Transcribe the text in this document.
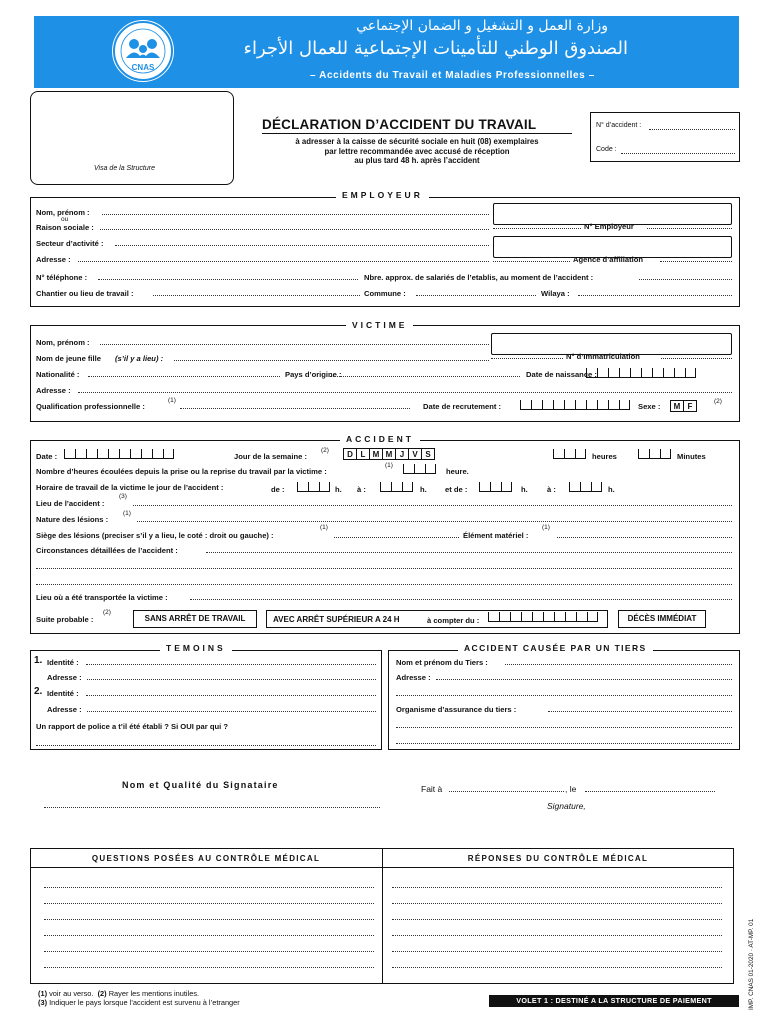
CNAS
وزارة العمل و التشغيل و الضمان الإجتماعي
الصندوق الوطني للتأمينات الإجتماعية للعمال الأجراء
– Accidents du Travail et Maladies Professionnelles –
Visa de la Structure
DÉCLARATION D’ACCIDENT DU TRAVAIL
à adresser à la caisse de sécurité sociale en huit (08) exemplaires
par lettre recommandée avec accusé de réception
au plus tard 48 h. après l’accident
N° d’accident :
Code :
EMPLOYEUR
Nom, prénom :
ou
Raison sociale :
Secteur d’activité :
Adresse :
N° Employeur
Agence d’affiliation
N° téléphone :	Nbre. approx. de salariés de l’etablis, au moment de l’accident :
Chantier ou lieu de travail :	Commune :	Wilaya :
VICTIME
Nom, prénom :
Nom de jeune fille (s’il y a lieu) :	N° d’Immatriculation
Nationalité :	Pays d’origine :	Date de naissance :
Adresse :
Qualification professionnelle :
(1)
Date de recrutement :	Sexe :	M F
(2)
ACCIDENT
Date :	Jour de la semaine :
(2)	D L M M J	V S	heures	Minutes
Nombre d’heures écoulées depuis la prise ou la reprise du travail par la victime :
(1)
heure.
Horaire de travail de la victime le jour de l’accident :	de :	h. à :	h. et de :	h.	à :	h.
Lieu de l’accident :
(3)
Nature des lésions :
(1)
Siège des lésions (preciser s’il y a lieu, le coté : droit ou gauche) :
(1)
Élément matériel :
(1)
Circonstances détaillées de l’accident :
Lieu où a été transportée la victime :
Suite probable :
(2)
SANS ARRÊT DE TRAVAIL	AVEC ARRÊT SUPÉRIEUR A 24 H	à compter du :	DÉCÈS IMMÉDIAT
TEMOINS
1. Identité :
Adresse :
2. Identité :
Adresse :
Un rapport de police a t’il été établi ? Si OUI par qui ?
ACCIDENT CAUSÉE PAR UN TIERS
Nom et prénom du Tiers :
Adresse :
Organisme d’assurance du tiers :
Nom et Qualité du Signataire	Fait à	, le
Signature,
QUESTIONS POSÉES AU CONTRÔLE MÉDICAL	RÉPONSES DU CONTRÔLE MÉDICAL
IMP. CNAS 01-2020 · AT-MP. 01
(1) voir au verso. (2) Rayer les mentions inutiles.
(3) Indiquer le pays lorsque l’accident est survenu à l’etranger	VOLET 1 : DESTINÉ A LA STRUCTURE DE PAIEMENT
